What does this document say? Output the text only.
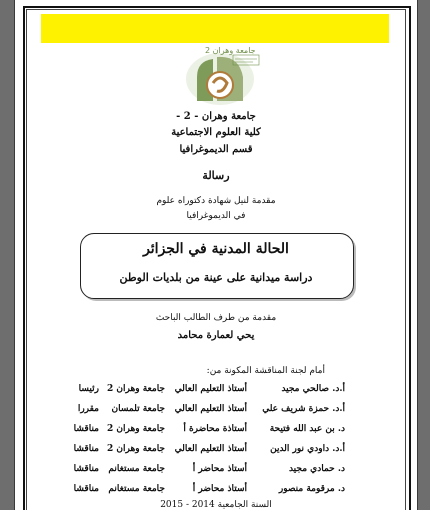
جامعة وهران 2
جامعة وهران - 2 -
كلية العلوم الاجتماعية
قسم الديموغرافيا
رسالة
مقدمة لنيل شهادة دكتوراه علوم
في الديموغرافيا
الحالة المدنية في الجزائر
دراسة ميدانية على عينة من بلديات الوطن
مقدمة من طرف الطالب الباحث
يحي لعمارة محامد
أمام لجنة المناقشة المكونة من:
أ.د. صالحي مجيد
أستاذ التعليم العالي
جامعة وهران 2
رئيسا
أ.د. حمزة شريف علي
أستاذ التعليم العالي
جامعة تلمسان
مقررا
د. بن عبد الله فتيحة
أستاذة محاضرة أ
جامعة وهران 2
مناقشا
أ.د. داودي نور الدين
أستاذ التعليم العالي
جامعة وهران 2
مناقشا
د. حمادي مجيد
أستاذ محاضر أ
جامعة مستغانم
مناقشا
د. مرقومة منصور
أستاذ محاضر أ
جامعة مستغانم
مناقشا
السنة الجامعية 2014 - 2015
